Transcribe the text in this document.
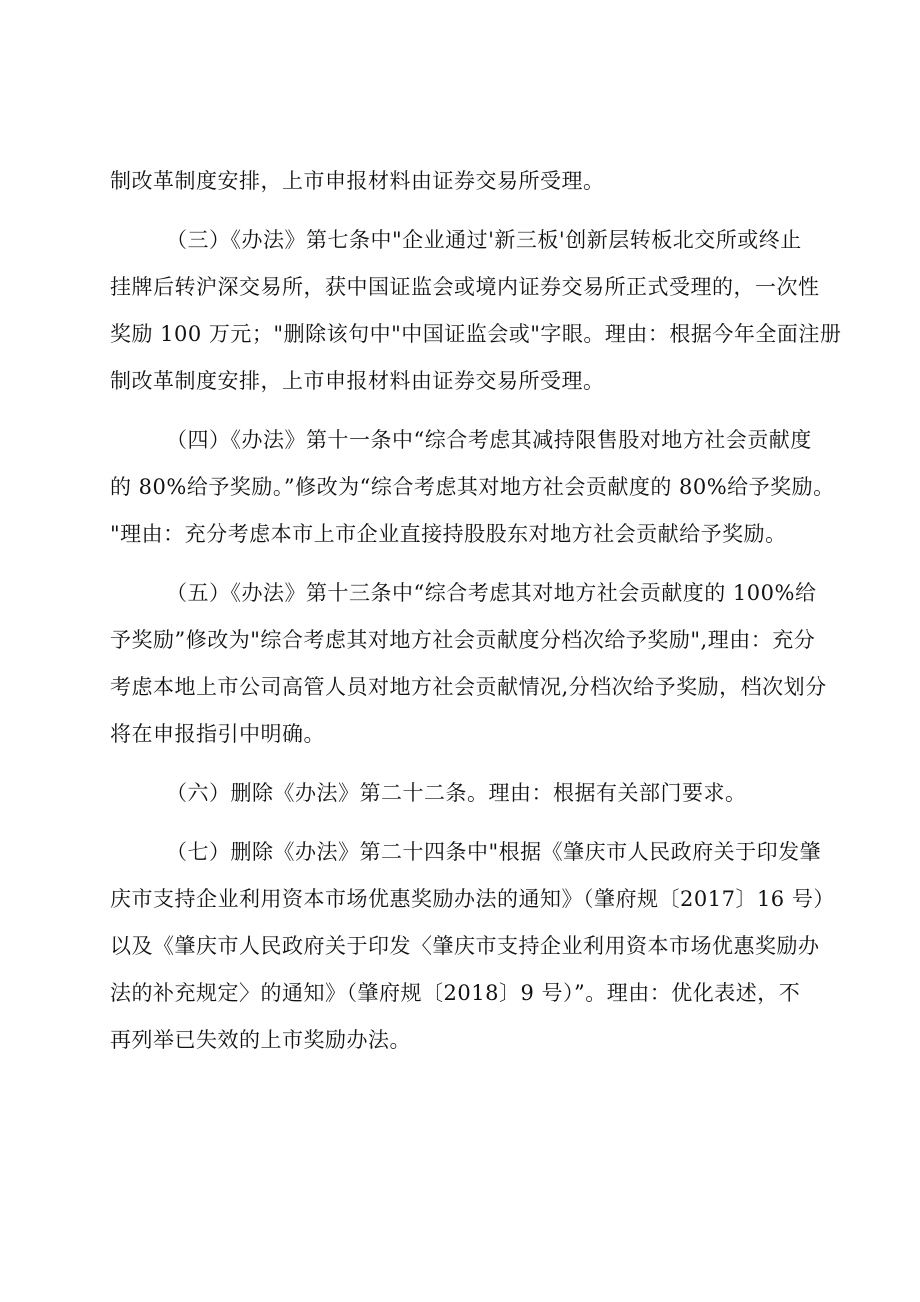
制改革制度安排，上市申报材料由证券交易所受理。
（三）《办法》第七条中"企业通过'新三板'创新层转板北交所或终止
挂牌后转沪深交易所，获中国证监会或境内证券交易所正式受理的，一次性
奖励 100 万元；"删除该句中"中国证监会或"字眼。理由：根据今年全面注册
制改革制度安排，上市申报材料由证券交易所受理。
（四）《办法》第十一条中“综合考虑其减持限售股对地方社会贡献度
的 80%给予奖励。”修改为“综合考虑其对地方社会贡献度的 80%给予奖励。
"理由：充分考虑本市上市企业直接持股股东对地方社会贡献给予奖励。
（五）《办法》第十三条中“综合考虑其对地方社会贡献度的 100%给
予奖励”修改为"综合考虑其对地方社会贡献度分档次给予奖励",理由：充分
考虑本地上市公司高管人员对地方社会贡献情况,分档次给予奖励，档次划分
将在申报指引中明确。
（六）删除《办法》第二十二条。理由：根据有关部门要求。
（七）删除《办法》第二十四条中"根据《肇庆市人民政府关于印发肇
庆市支持企业利用资本市场优惠奖励办法的通知》（肇府规〔2017〕16 号）
以及《肇庆市人民政府关于印发〈肇庆市支持企业利用资本市场优惠奖励办
法的补充规定〉的通知》（肇府规〔2018〕9 号）”。理由：优化表述，不
再列举已失效的上市奖励办法。
